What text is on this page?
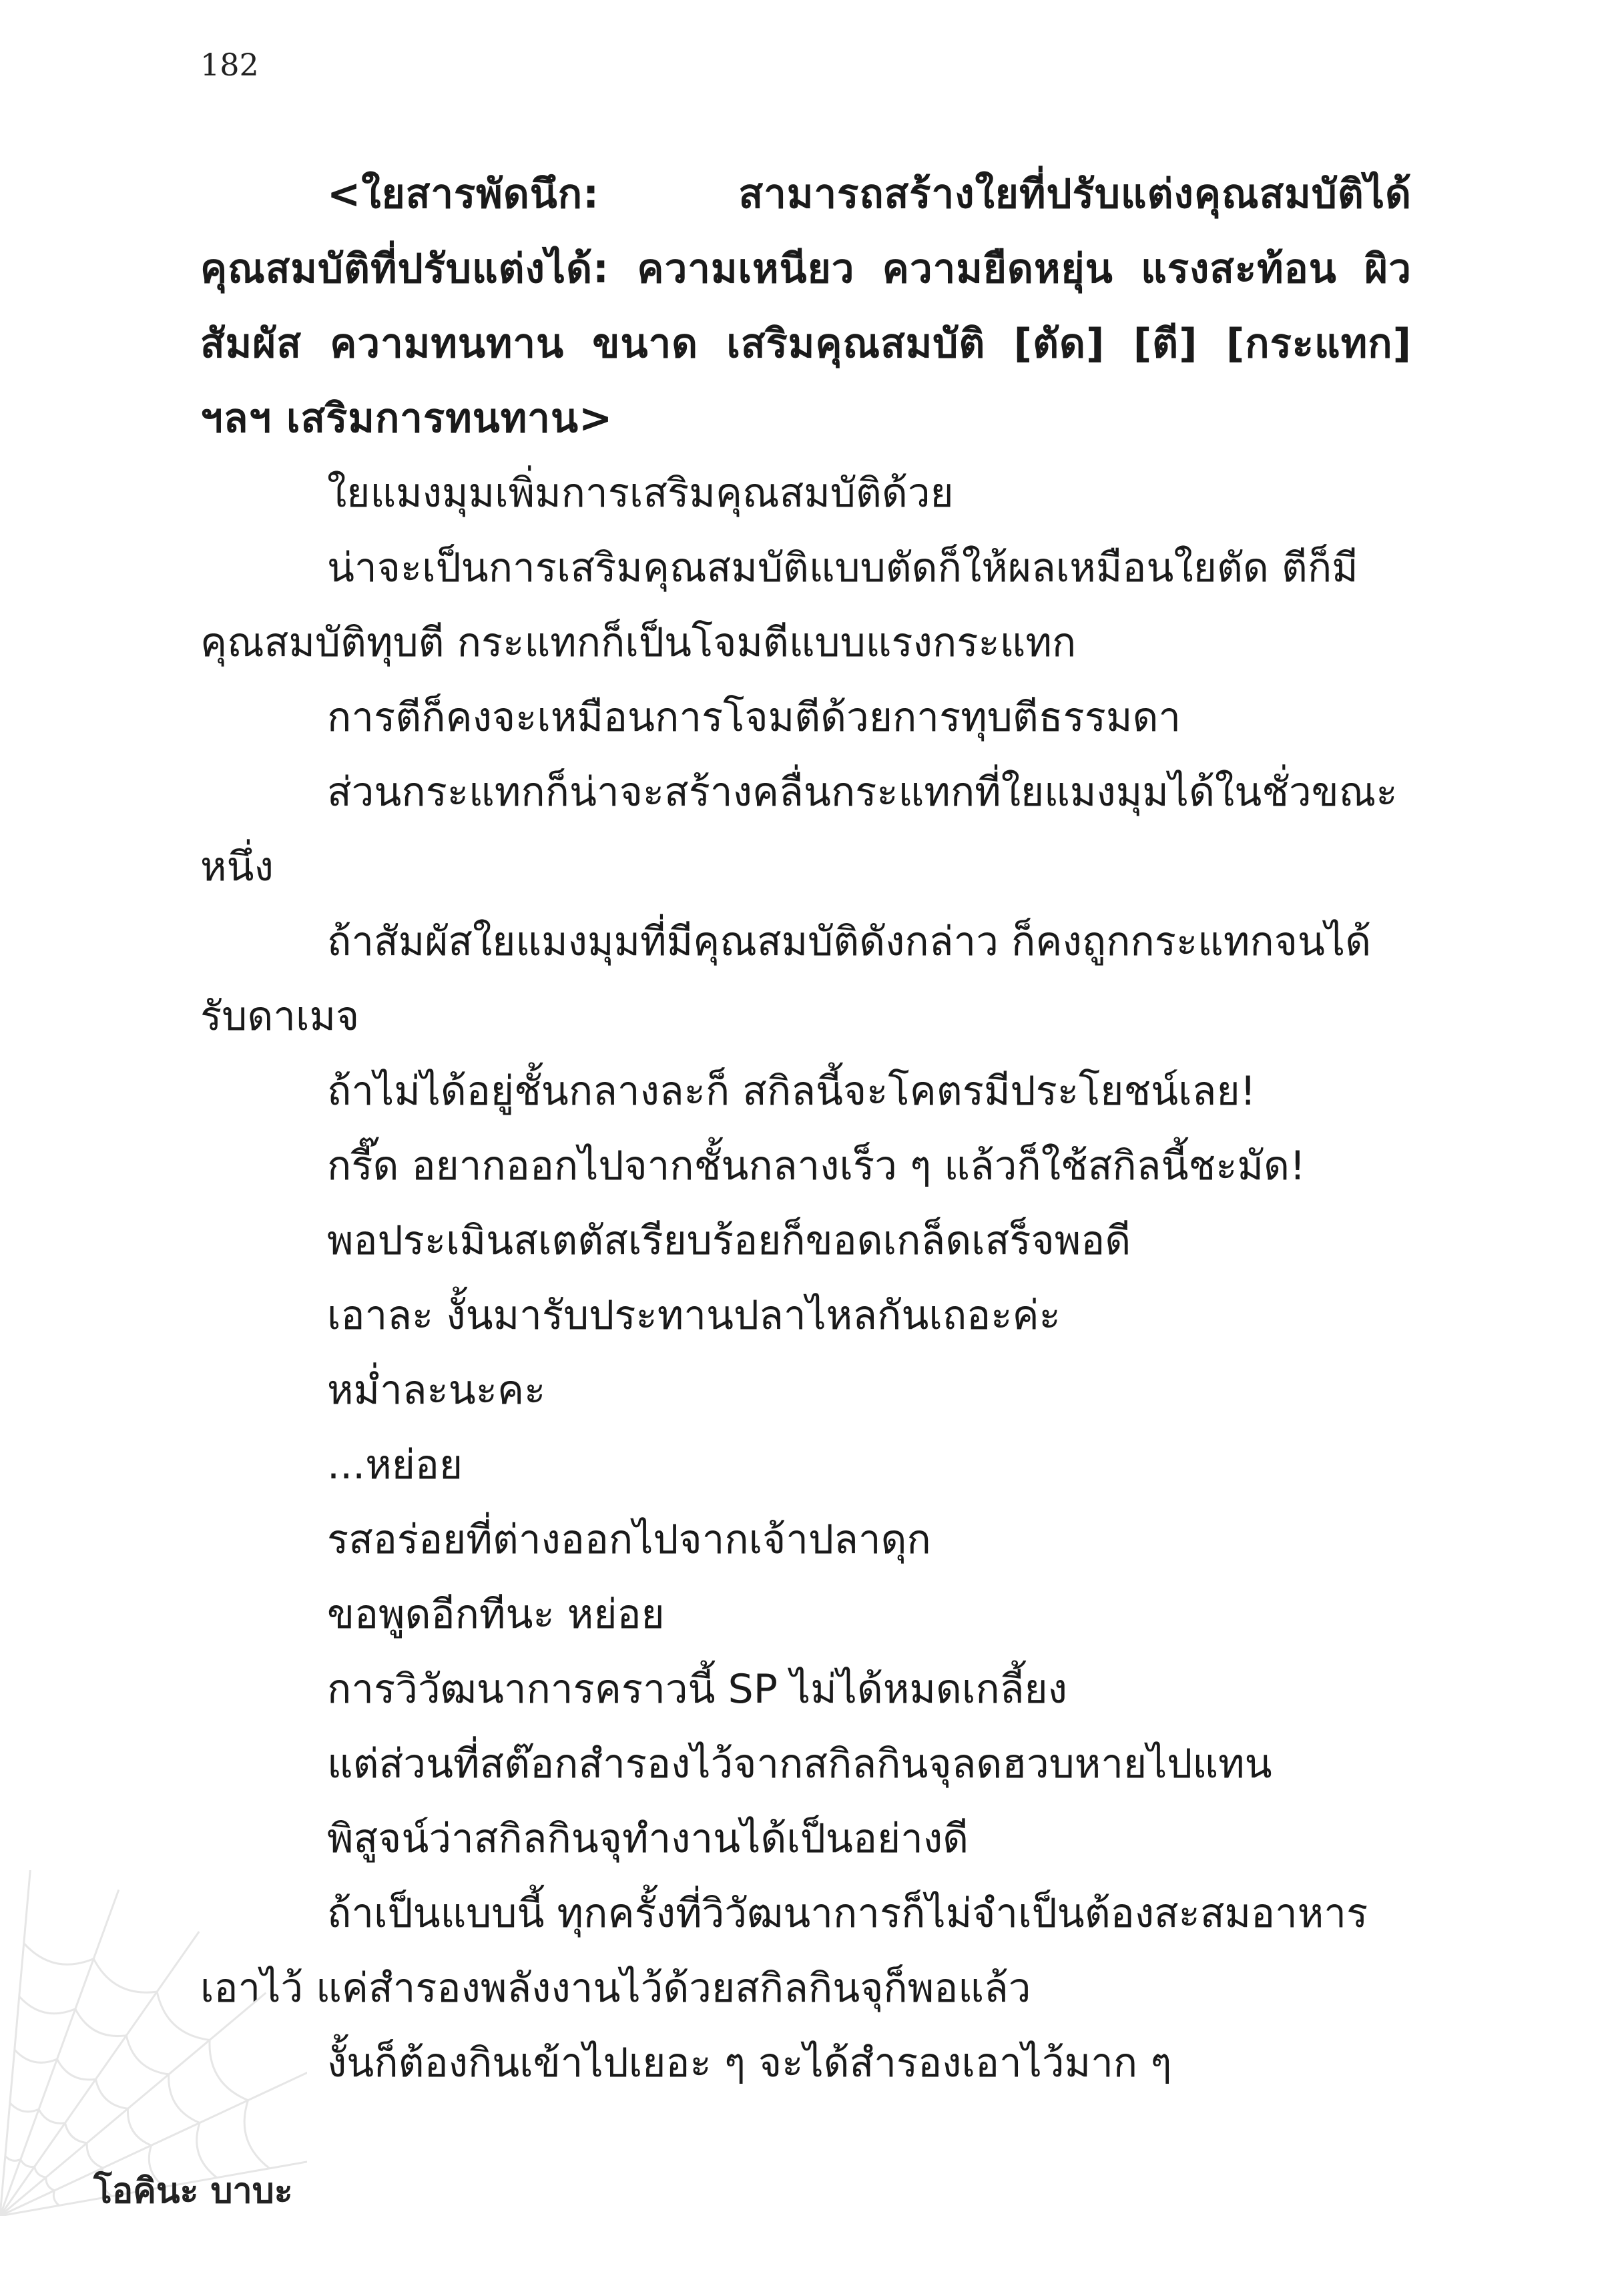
182

<ใยสารพัดนึก: สามารถสร้างใยที่ปรับแต่งคุณสมบัติได้ คุณสมบัติที่ปรับแต่งได้: ความเหนียว ความยืดหยุ่น แรงสะท้อน ผิวสัมผัส ความทนทาน ขนาด เสริมคุณสมบัติ [ตัด] [ตี] [กระแทก] ฯลฯ เสริมการทนทาน>

ใยแมงมุมเพิ่มการเสริมคุณสมบัติด้วย

น่าจะเป็นการเสริมคุณสมบัติแบบตัดก็ให้ผลเหมือนใยตัด ตีก็มีคุณสมบัติทุบตี กระแทกก็เป็นโจมตีแบบแรงกระแทก

การตีก็คงจะเหมือนการโจมตีด้วยการทุบตีธรรมดา

ส่วนกระแทกก็น่าจะสร้างคลื่นกระแทกที่ใยแมงมุมได้ในชั่วขณะหนึ่ง

ถ้าสัมผัสใยแมงมุมที่มีคุณสมบัติดังกล่าว ก็คงถูกกระแทกจนได้รับดาเมจ

ถ้าไม่ได้อยู่ชั้นกลางละก็ สกิลนี้จะโคตรมีประโยชน์เลย!

กรี๊ด อยากออกไปจากชั้นกลางเร็ว ๆ แล้วก็ใช้สกิลนี้ชะมัด!

พอประเมินสเตตัสเรียบร้อยก็ขอดเกล็ดเสร็จพอดี

เอาละ งั้นมารับประทานปลาไหลกันเถอะค่ะ

หม่ำละนะคะ

...หย่อย

รสอร่อยที่ต่างออกไปจากเจ้าปลาดุก

ขอพูดอีกทีนะ หย่อย

การวิวัฒนาการคราวนี้ SP ไม่ได้หมดเกลี้ยง

แต่ส่วนที่สต๊อกสำรองไว้จากสกิลกินจุลดฮวบหายไปแทน

พิสูจน์ว่าสกิลกินจุทำงานได้เป็นอย่างดี

ถ้าเป็นแบบนี้ ทุกครั้งที่วิวัฒนาการก็ไม่จำเป็นต้องสะสมอาหารเอาไว้ แค่สำรองพลังงานไว้ด้วยสกิลกินจุก็พอแล้ว

งั้นก็ต้องกินเข้าไปเยอะ ๆ จะได้สำรองเอาไว้มาก ๆ

โอคินะ บาบะ
